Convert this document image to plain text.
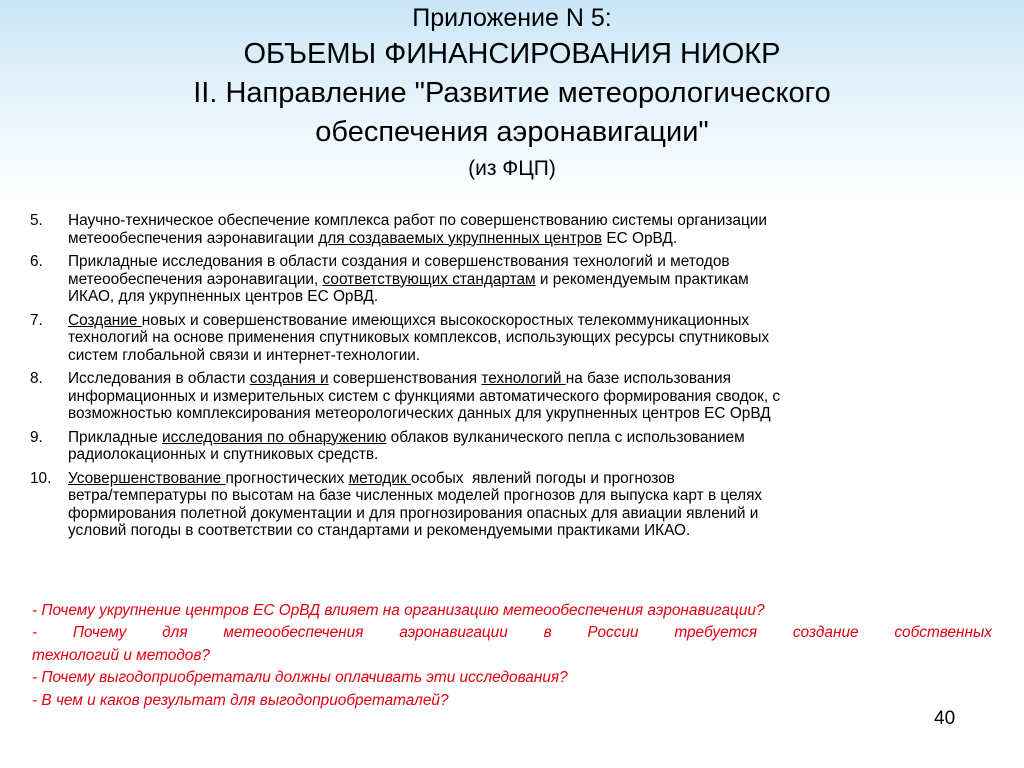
Приложение N 5:
ОБЪЕМЫ ФИНАНСИРОВАНИЯ НИОКР
II. Направление "Развитие метеорологического
обеспечения аэронавигации"
(из ФЦП)
5. Научно-техническое обеспечение комплекса работ по совершенствованию системы организации
метеообеспечения аэронавигации для создаваемых укрупненных центров ЕС ОрВД.
6. Прикладные исследования в области создания и совершенствования технологий и методов
метеообеспечения аэронавигации, соответствующих стандартам и рекомендуемым практикам
ИКАО, для укрупненных центров ЕС ОрВД.
7. Создание новых и совершенствование имеющихся высокоскоростных телекоммуникационных
технологий на основе применения спутниковых комплексов, использующих ресурсы спутниковых
систем глобальной связи и интернет-технологии.
8. Исследования в области создания и совершенствования технологий на базе использования
информационных и измерительных систем с функциями автоматического формирования сводок, с
возможностью комплексирования метеорологических данных для укрупненных центров ЕС ОрВД
9. Прикладные исследования по обнаружению облаков вулканического пепла с использованием
радиолокационных и спутниковых средств.
10. Усовершенствование прогностических методик особых  явлений погоды и прогнозов
ветра/температуры по высотам на базе численных моделей прогнозов для выпуска карт в целях
формирования полетной документации и для прогнозирования опасных для авиации явлений и
условий погоды в соответствии со стандартами и рекомендуемыми практиками ИКАО.

- Почему укрупнение центров ЕС ОрВД влияет на организацию метеообеспечения аэронавигации?

- Почему для метеообеспечения аэронавигации в России требуется создание собственных

технологий и методов?

- Почему выгодоприобретатали должны оплачивать эти исследования?

- В чем и каков результат для выгодоприобретаталей?

40
